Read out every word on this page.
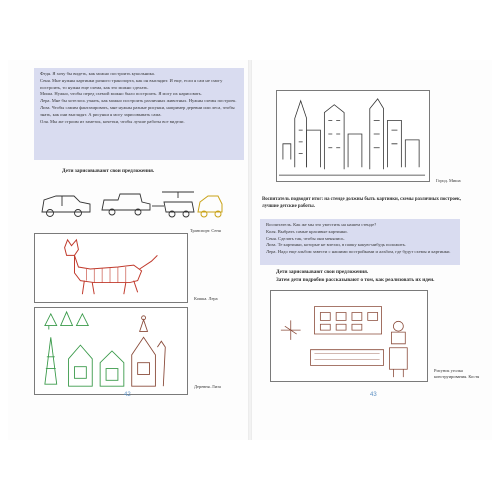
Федя. Я хочу бы видеть, как можно построить кукольника.

Сеня. Мне нужны картинки разного транспорта, как он выглядит. И еще, если я сам не смогу построить, то нужна еще схема, как это можно сделать.

Миша. Нужно, чтобы перед схемой можно было построить. Я могу их нарисовать.

Лера. Мне бы хотелось узнать, как можно построить различных животных. Нужны схемы построек.

Лиза. Чтобы самим фантазировать, мне нужны разные рисунки, например деревни или леса, чтобы знать, как они выглядят. А рисунки я могу зарисовывать сама.

Оля. Мы же строим из заметок, кочетки, чтобы лучше работы все видели.

Дети зарисовывают свои предложения.
Транспорт. Сеня
Кошка. Лера
Деревня. Лиза
42
Город. Миша
Воспитатель подводит итог: на стенде должны быть картинки, схемы различных построек, лучшие детские работы.

Воспитатель. Как же мы это уместить на нашем стенде?

Коля. Выбрать самые красивые картинки.

Сеня. Сделать так, чтобы они менялись.

Лиза. Те картинки, которые не влезли, в папку какую-нибудь положить.

Лера. Надо еще альбом завести с нашими постройками и альбом, где будут схемы и картинки.

Дети зарисовывают свои предложения.
Затем дети подробно рассказывают о том, как реализовать их идеи.
Рисунок уголка конструирования. Костя
43
